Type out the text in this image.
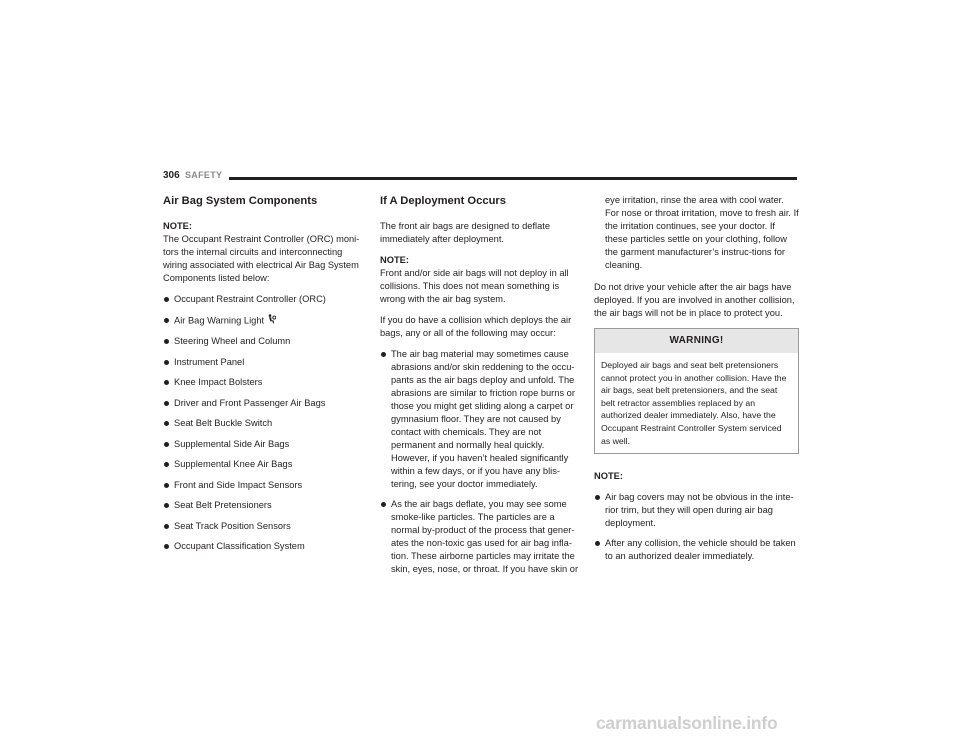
306 SAFETY
Air Bag System Components

NOTE:
The Occupant Restraint Controller (ORC) moni-tors the internal circuits and interconnecting wiring associated with electrical Air Bag System Components listed below:

Occupant Restraint Controller (ORC)
Air Bag Warning Light
Steering Wheel and Column
Instrument Panel
Knee Impact Bolsters
Driver and Front Passenger Air Bags
Seat Belt Buckle Switch
Supplemental Side Air Bags
Supplemental Knee Air Bags
Front and Side Impact Sensors
Seat Belt Pretensioners
Seat Track Position Sensors
Occupant Classification System
If A Deployment Occurs

The front air bags are designed to deflate immediately after deployment.

NOTE:
Front and/or side air bags will not deploy in all collisions. This does not mean something is wrong with the air bag system.

If you do have a collision which deploys the air bags, any or all of the following may occur:

The air bag material may sometimes cause abrasions and/or skin reddening to the occu-pants as the air bags deploy and unfold. The abrasions are similar to friction rope burns or those you might get sliding along a carpet or gymnasium floor. They are not caused by contact with chemicals. They are not permanent and normally heal quickly. However, if you haven’t healed significantly within a few days, or if you have any blis-tering, see your doctor immediately.
As the air bags deflate, you may see some smoke-like particles. The particles are a normal by-product of the process that gener-ates the non-toxic gas used for air bag infla-tion. These airborne particles may irritate the skin, eyes, nose, or throat. If you have skin or

eye irritation, rinse the area with cool water. For nose or throat irritation, move to fresh air. If the irritation continues, see your doctor. If these particles settle on your clothing, follow the garment manufacturer’s instruc-tions for cleaning.

Do not drive your vehicle after the air bags have deployed. If you are involved in another collision, the air bags will not be in place to protect you.

WARNING!
Deployed air bags and seat belt pretensioners cannot protect you in another collision. Have the air bags, seat belt pretensioners, and the seat belt retractor assemblies replaced by an authorized dealer immediately. Also, have the Occupant Restraint Controller System serviced as well.

NOTE:

Air bag covers may not be obvious in the inte-rior trim, but they will open during air bag deployment.
After any collision, the vehicle should be taken to an authorized dealer immediately.
carmanualsonline.info
